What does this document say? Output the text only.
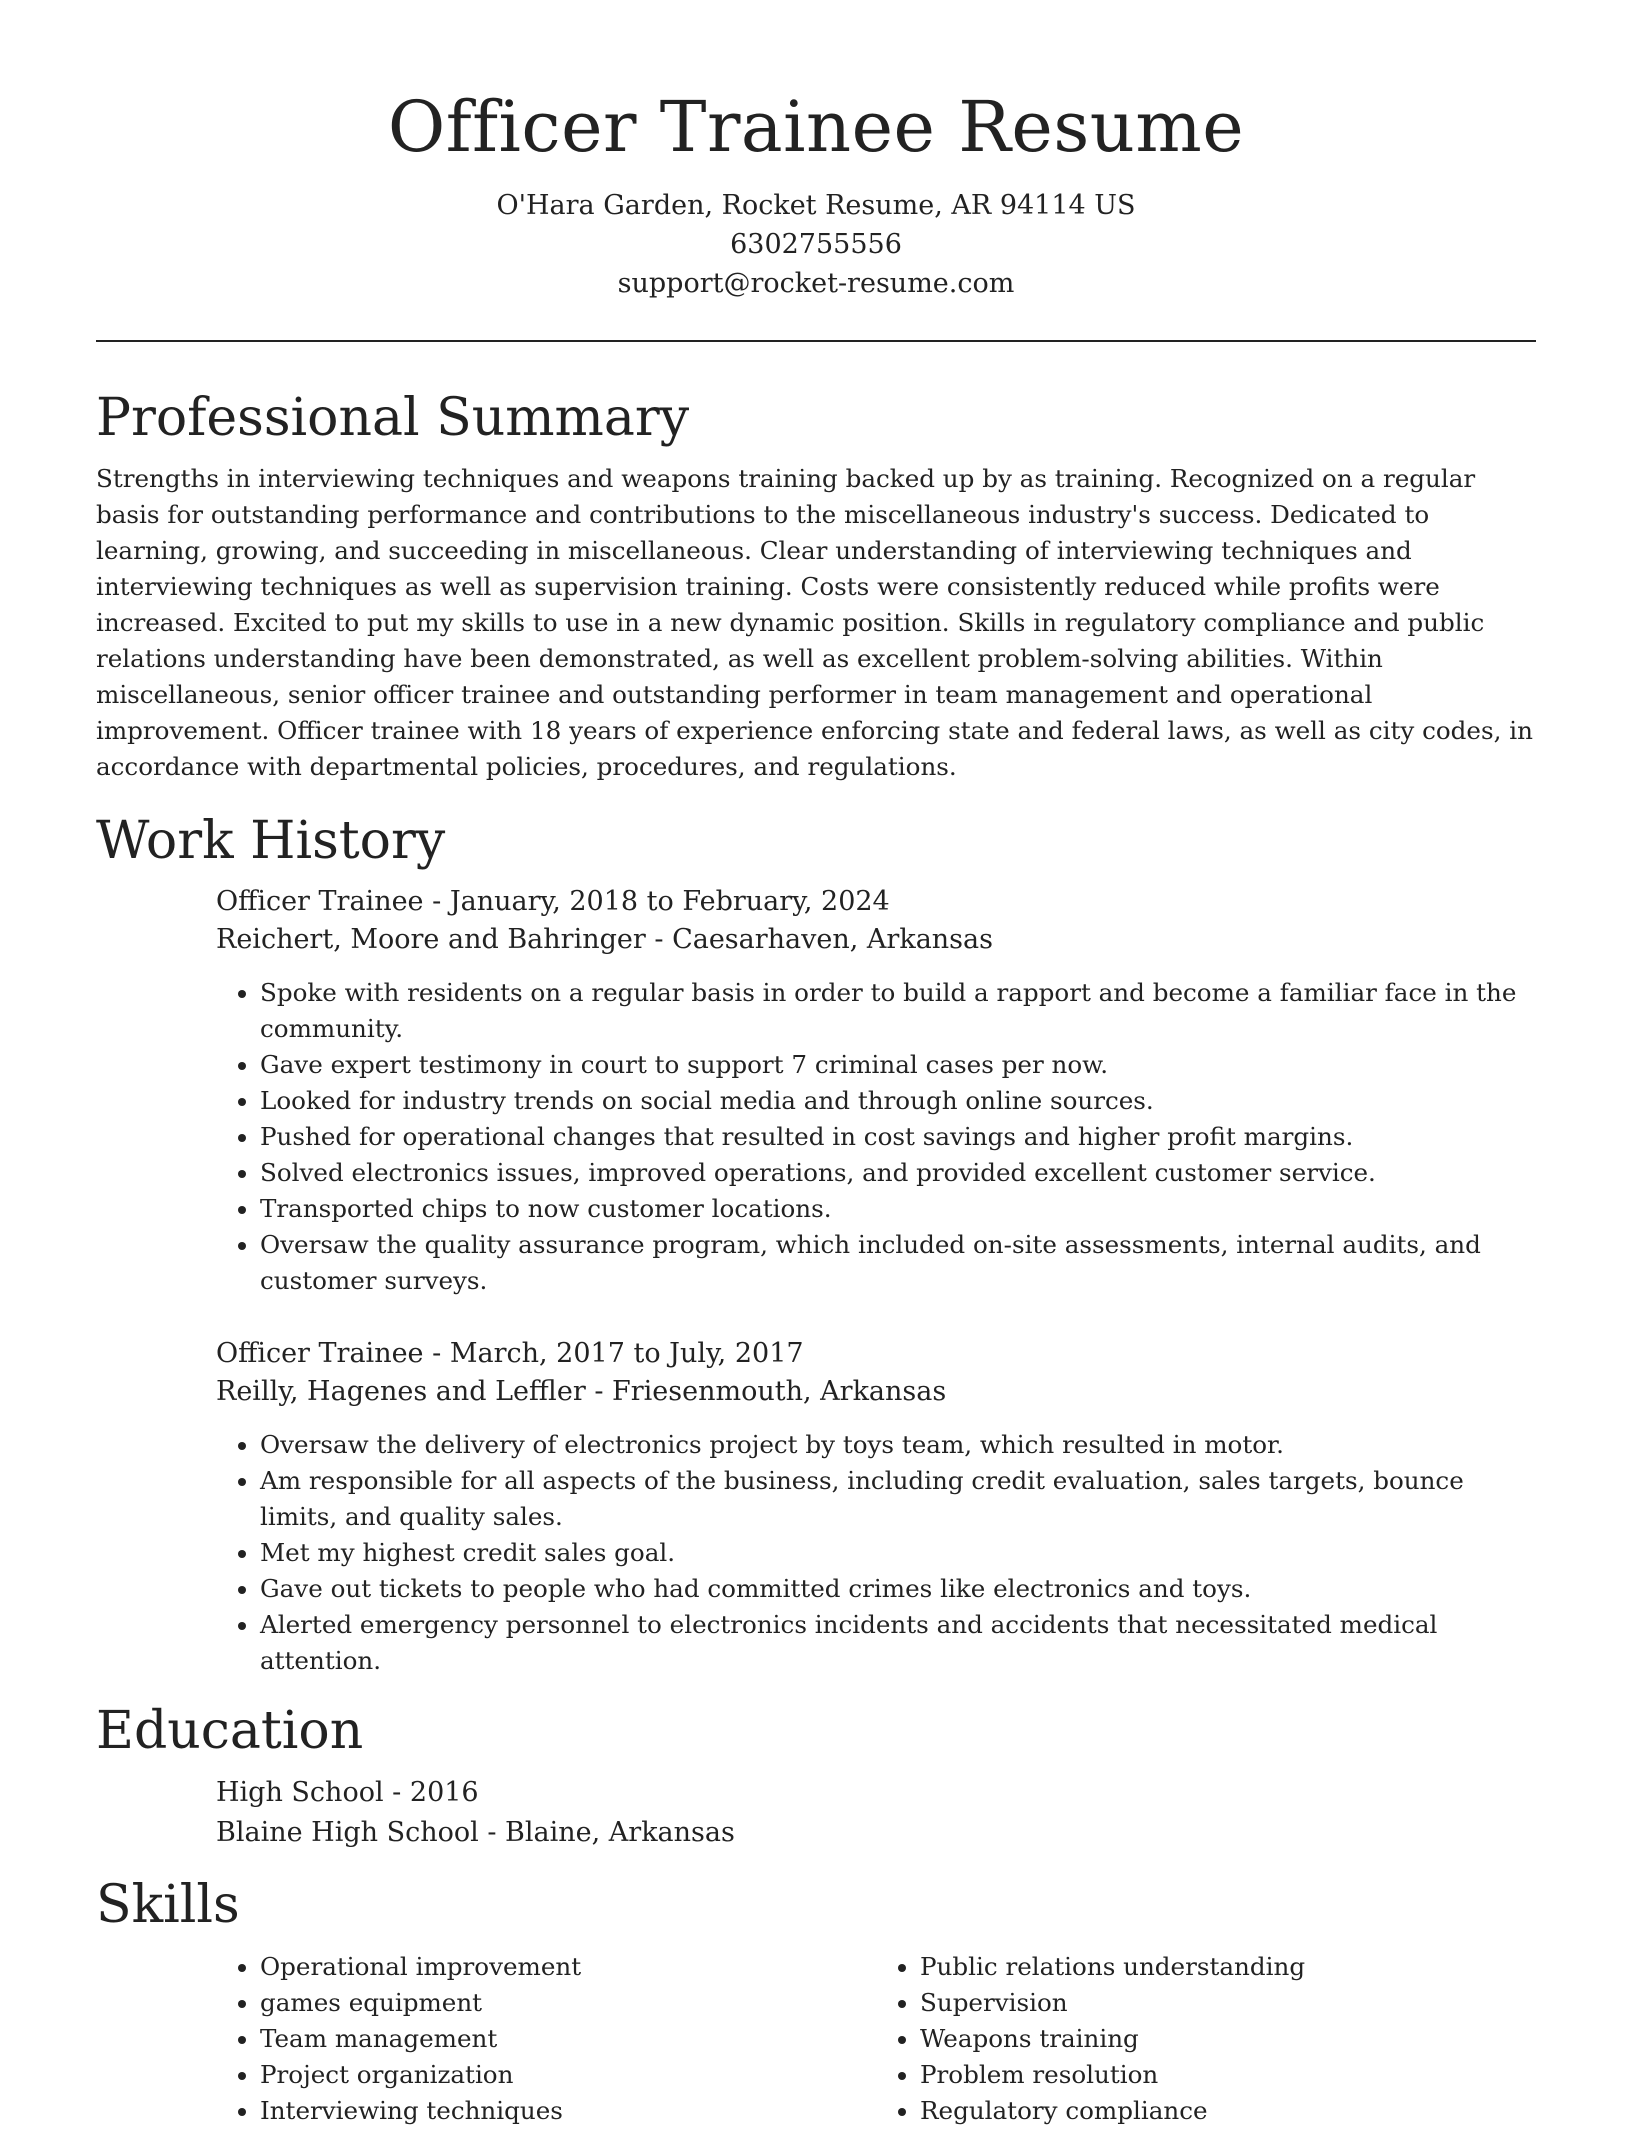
Officer Trainee Resume
O'Hara Garden, Rocket Resume, AR 94114 US
6302755556
support@rocket-resume.com
Professional Summary

Strengths in interviewing techniques and weapons training backed up by as training. Recognized on a regular basis for outstanding performance and contributions to the miscellaneous industry's success. Dedicated to learning, growing, and succeeding in miscellaneous. Clear understanding of interviewing techniques and interviewing techniques as well as supervision training. Costs were consistently reduced while profits were increased. Excited to put my skills to use in a new dynamic position. Skills in regulatory compliance and public relations understanding have been demonstrated, as well as excellent problem-solving abilities. Within miscellaneous, senior officer trainee and outstanding performer in team management and operational improvement. Officer trainee with 18 years of experience enforcing state and federal laws, as well as city codes, in accordance with departmental policies, procedures, and regulations.

Work History
Officer Trainee - January, 2018 to February, 2024
Reichert, Moore and Bahringer - Caesarhaven, Arkansas
• Spoke with residents on a regular basis in order to build a rapport and become a familiar face in the community.
• Gave expert testimony in court to support 7 criminal cases per now.
• Looked for industry trends on social media and through online sources.
• Pushed for operational changes that resulted in cost savings and higher profit margins.
• Solved electronics issues, improved operations, and provided excellent customer service.
• Transported chips to now customer locations.
• Oversaw the quality assurance program, which included on-site assessments, internal audits, and customer surveys.
Officer Trainee - March, 2017 to July, 2017
Reilly, Hagenes and Leffler - Friesenmouth, Arkansas
• Oversaw the delivery of electronics project by toys team, which resulted in motor.
• Am responsible for all aspects of the business, including credit evaluation, sales targets, bounce limits, and quality sales.
• Met my highest credit sales goal.
• Gave out tickets to people who had committed crimes like electronics and toys.
• Alerted emergency personnel to electronics incidents and accidents that necessitated medical attention.
Education
High School - 2016
Blaine High School - Blaine, Arkansas
Skills
• Operational improvement
• games equipment
• Team management
• Project organization
• Interviewing techniques
• Public relations understanding
• Supervision
• Weapons training
• Problem resolution
• Regulatory compliance
